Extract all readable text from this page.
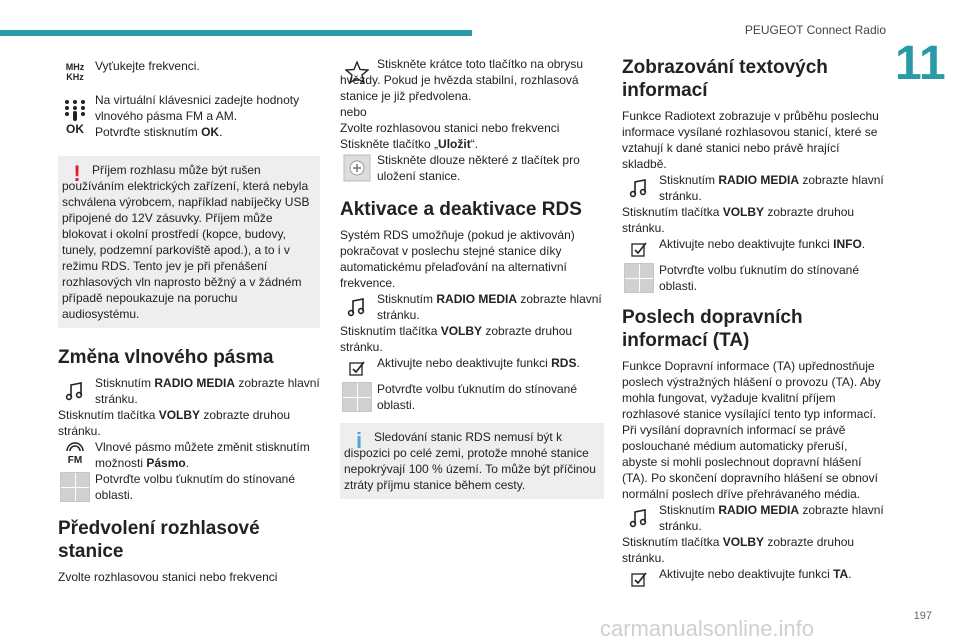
PEUGEOT Connect Radio
11
MHz
KHz

Vyťukejte frekvenci.

OK

Na virtuální klávesnici zadejte hodnoty vlnového pásma FM a AM.

Potvrďte stisknutím OK.

! Příjem rozhlasu může být rušen používáním elektrických zařízení, která nebyla schválena výrobcem, například nabíječky USB připojené do 12V zásuvky. Příjem může blokovat i okolní prostředí (kopce, budovy, tunely, podzemní parkoviště apod.), a to i v režimu RDS. Tento jev je při přenášení rozhlasových vln naprosto běžný a v žádném případě nepoukazuje na poruchu audiosystému.

Změna vlnového pásma

Stisknutím RADIO MEDIA zobrazte hlavní stránku.

Stisknutím tlačítka VOLBY zobrazte druhou stránku.

FM

Vlnové pásmo můžete změnit stisknutím možnosti Pásmo.

Potvrďte volbu ťuknutím do stínované oblasti.

Předvolení rozhlasové stanice

Zvolte rozhlasovou stanici nebo frekvenci

Stiskněte krátce toto tlačítko na obrysu hvězdy. Pokud je hvězda stabilní, rozhlasová stanice je již předvolena.

nebo

Zvolte rozhlasovou stanici nebo frekvenci

Stiskněte tlačítko „Uložit“.

Stiskněte dlouze některé z tlačítek pro uložení stanice.

Aktivace a deaktivace RDS

Systém RDS umožňuje (pokud je aktivován) pokračovat v poslechu stejné stanice díky automatickému přelaďování na alternativní frekvence.

Stisknutím RADIO MEDIA zobrazte hlavní stránku.

Stisknutím tlačítka VOLBY zobrazte druhou stránku.

Aktivujte nebo deaktivujte funkci RDS.

Potvrďte volbu ťuknutím do stínované oblasti.

i Sledování stanic RDS nemusí být k dispozici po celé zemi, protože mnohé stanice nepokrývají 100 % území. To může být příčinou ztráty příjmu stanice během cesty.

Zobrazování textových informací

Funkce Radiotext zobrazuje v průběhu poslechu informace vysílané rozhlasovou stanicí, které se vztahují k dané stanici nebo právě hrající skladbě.

Stisknutím RADIO MEDIA zobrazte hlavní stránku.

Stisknutím tlačítka VOLBY zobrazte druhou stránku.

Aktivujte nebo deaktivujte funkci INFO.

Potvrďte volbu ťuknutím do stínované oblasti.

Poslech dopravních informací (TA)

Funkce Dopravní informace (TA) upřednostňuje poslech výstražných hlášení o provozu (TA). Aby mohla fungovat, vyžaduje kvalitní příjem rozhlasové stanice vysílající tento typ informací. Při vysílání dopravních informací se právě poslouchané médium automaticky přeruší, abyste si mohli poslechnout dopravní hlášení (TA). Po skončení dopravního hlášení se obnoví normální poslech dříve přehrávaného média.

Stisknutím RADIO MEDIA zobrazte hlavní stránku.

Stisknutím tlačítka VOLBY zobrazte druhou stránku.

Aktivujte nebo deaktivujte funkci TA.

carmanualsonline.info	197
